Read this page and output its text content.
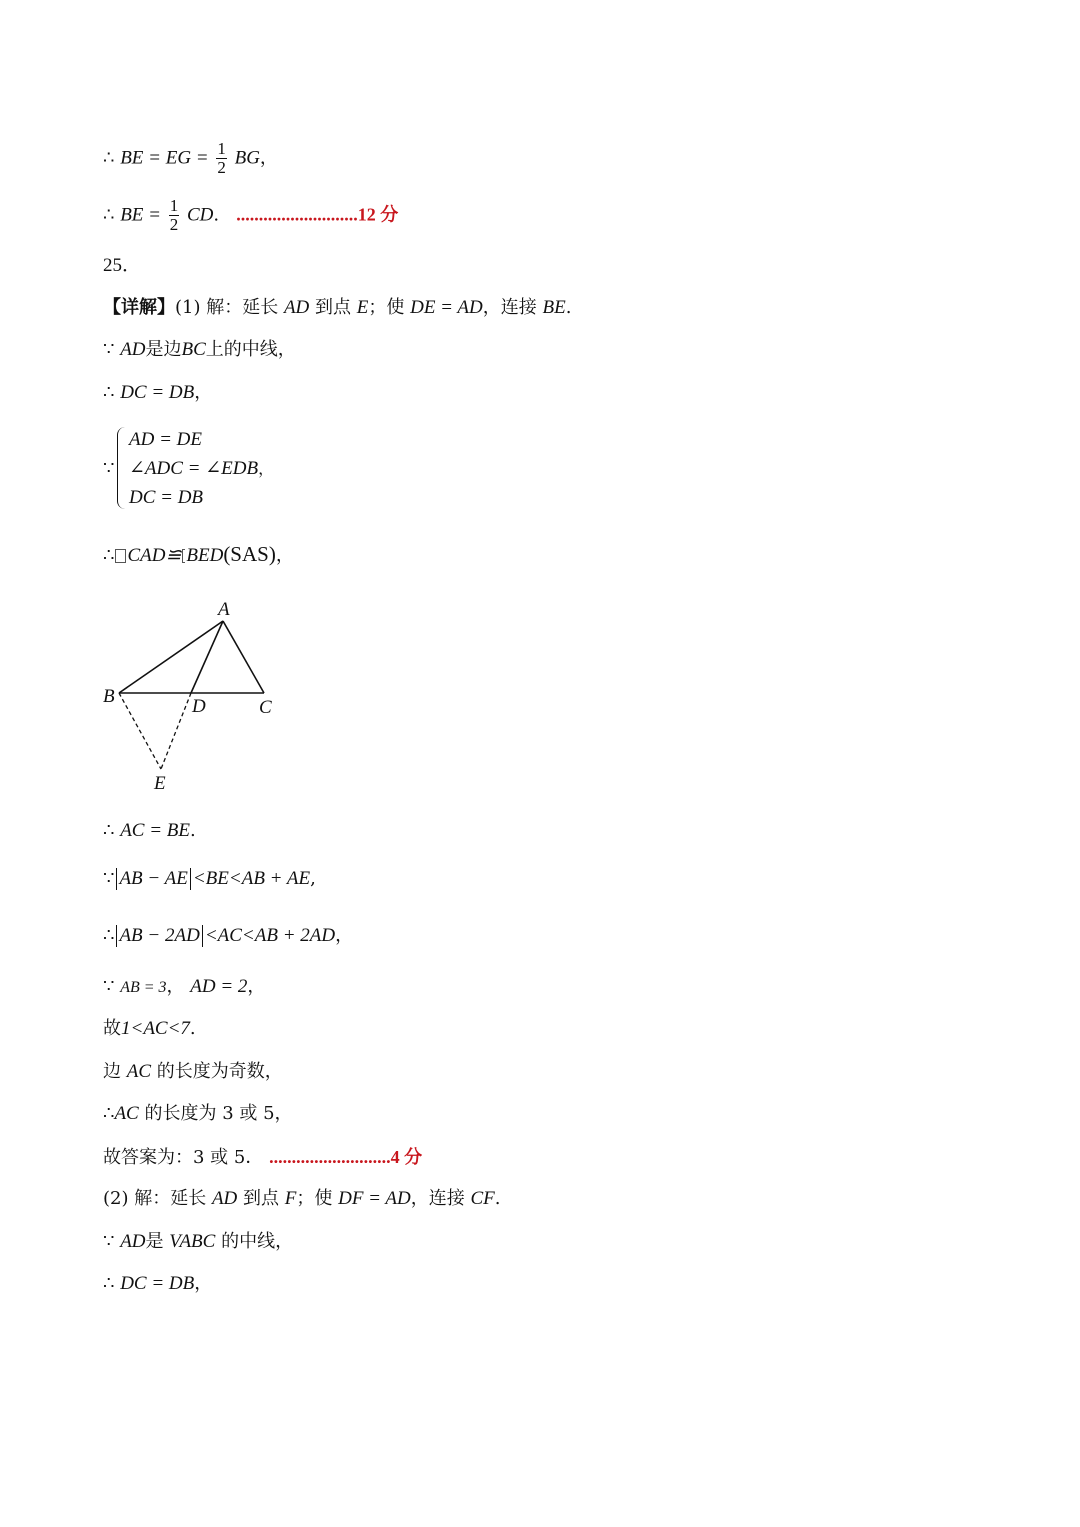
∴ BE = EG = $\frac{1}{2}$ BG，
∴ BE = $\frac{1}{2}$ CD. ...........................12 分
25．
【详解】(1) 解：延长 AD 到点 E；使 DE = AD，连接 BE.
∵ AD是边BC上的中线，
∴ DC = DB，
∵
AD = DE
∠ADC = ∠EDB，
DC = DB
∴ CAD≌ BED(SAS)，
A
B
C
D
E
∴ AC = BE.
∵ AB − AE <BE<AB + AE,
∴ AB − 2AD <AC<AB + 2AD，
∵ AB = 3， AD = 2，
故1<AC<7.
边 AC 的长度为奇数，
∴AC 的长度为 3 或 5，
故答案为：3 或 5． ...........................4 分
(2) 解：延长 AD 到点 F；使 DF = AD，连接 CF.
∵ AD是 VABC 的中线，
∴ DC = DB，
